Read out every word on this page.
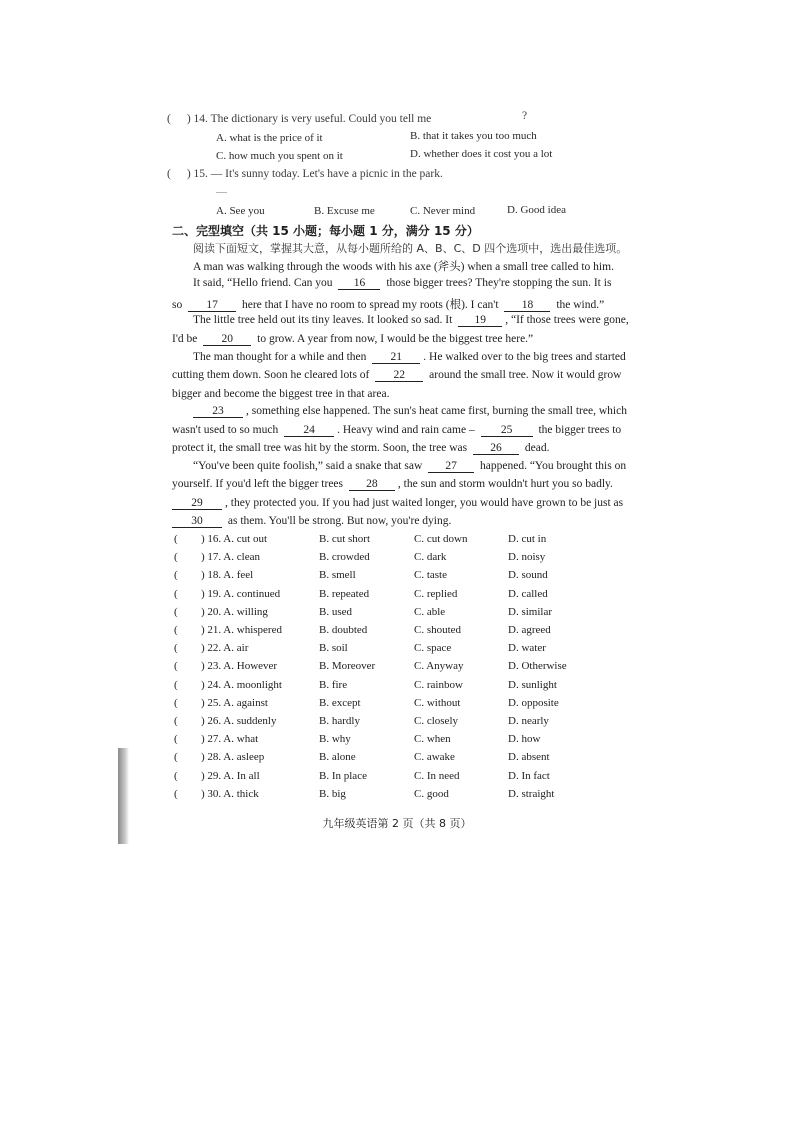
( ) 14. The dictionary is very useful. Could you tell me	?
A. what is the price of it	B. that it takes you too much
C. how much you spent on it	D. whether does it cost you a lot
( ) 15. — It's sunny today. Let's have a picnic in the park.
—
A. See you	B. Excuse me	C. Never mind	D. Good idea
二、完型填空（共 15 小题；每小题 1 分，满分 15 分）
阅读下面短文，掌握其大意，从每小题所给的 A、B、C、D 四个选项中，选出最佳选项。
A man was walking through the woods with his axe (斧头) when a small tree called to him.
It said, “Hello friend. Can you 16 those bigger trees? They're stopping the sun. It is
so 17 here that I have no room to spread my roots (根). I can't 18 the wind.”
The little tree held out its tiny leaves. It looked so sad. It 19 , “If those trees were gone,
I'd be 20 to grow. A year from now, I would be the biggest tree here.”
The man thought for a while and then 21 . He walked over to the big trees and started
cutting them down. Soon he cleared lots of 22 around the small tree. Now it would grow
bigger and become the biggest tree in that area.
23 , something else happened. The sun's heat came first, burning the small tree, which
wasn't used to so much 24 . Heavy wind and rain came – 25 the bigger trees to
protect it, the small tree was hit by the storm. Soon, the tree was 26 dead.
“You've been quite foolish,” said a snake that saw 27 happened. “You brought this on
yourself. If you'd left the bigger trees 28 , the sun and storm wouldn't hurt you so badly.
29 , they protected you. If you had just waited longer, you would have grown to be just as
30 as them. You'll be strong. But now, you're dying.
( ) 16. A. cut out	B. cut short	C. cut down	D. cut in
( ) 17. A. clean	B. crowded	C. dark	D. noisy
( ) 18. A. feel	B. smell	C. taste	D. sound
( ) 19. A. continued	B. repeated	C. replied	D. called
( ) 20. A. willing	B. used	C. able	D. similar
( ) 21. A. whispered	B. doubted	C. shouted	D. agreed
( ) 22. A. air	B. soil	C. space	D. water
( ) 23. A. However	B. Moreover	C. Anyway	D. Otherwise
( ) 24. A. moonlight	B. fire	C. rainbow	D. sunlight
( ) 25. A. against	B. except	C. without	D. opposite
( ) 26. A. suddenly	B. hardly	C. closely	D. nearly
( ) 27. A. what	B. why	C. when	D. how
( ) 28. A. asleep	B. alone	C. awake	D. absent
( ) 29. A. In all	B. In place	C. In need	D. In fact
( ) 30. A. thick	B. big	C. good	D. straight
九年级英语第 2 页（共 8 页）
